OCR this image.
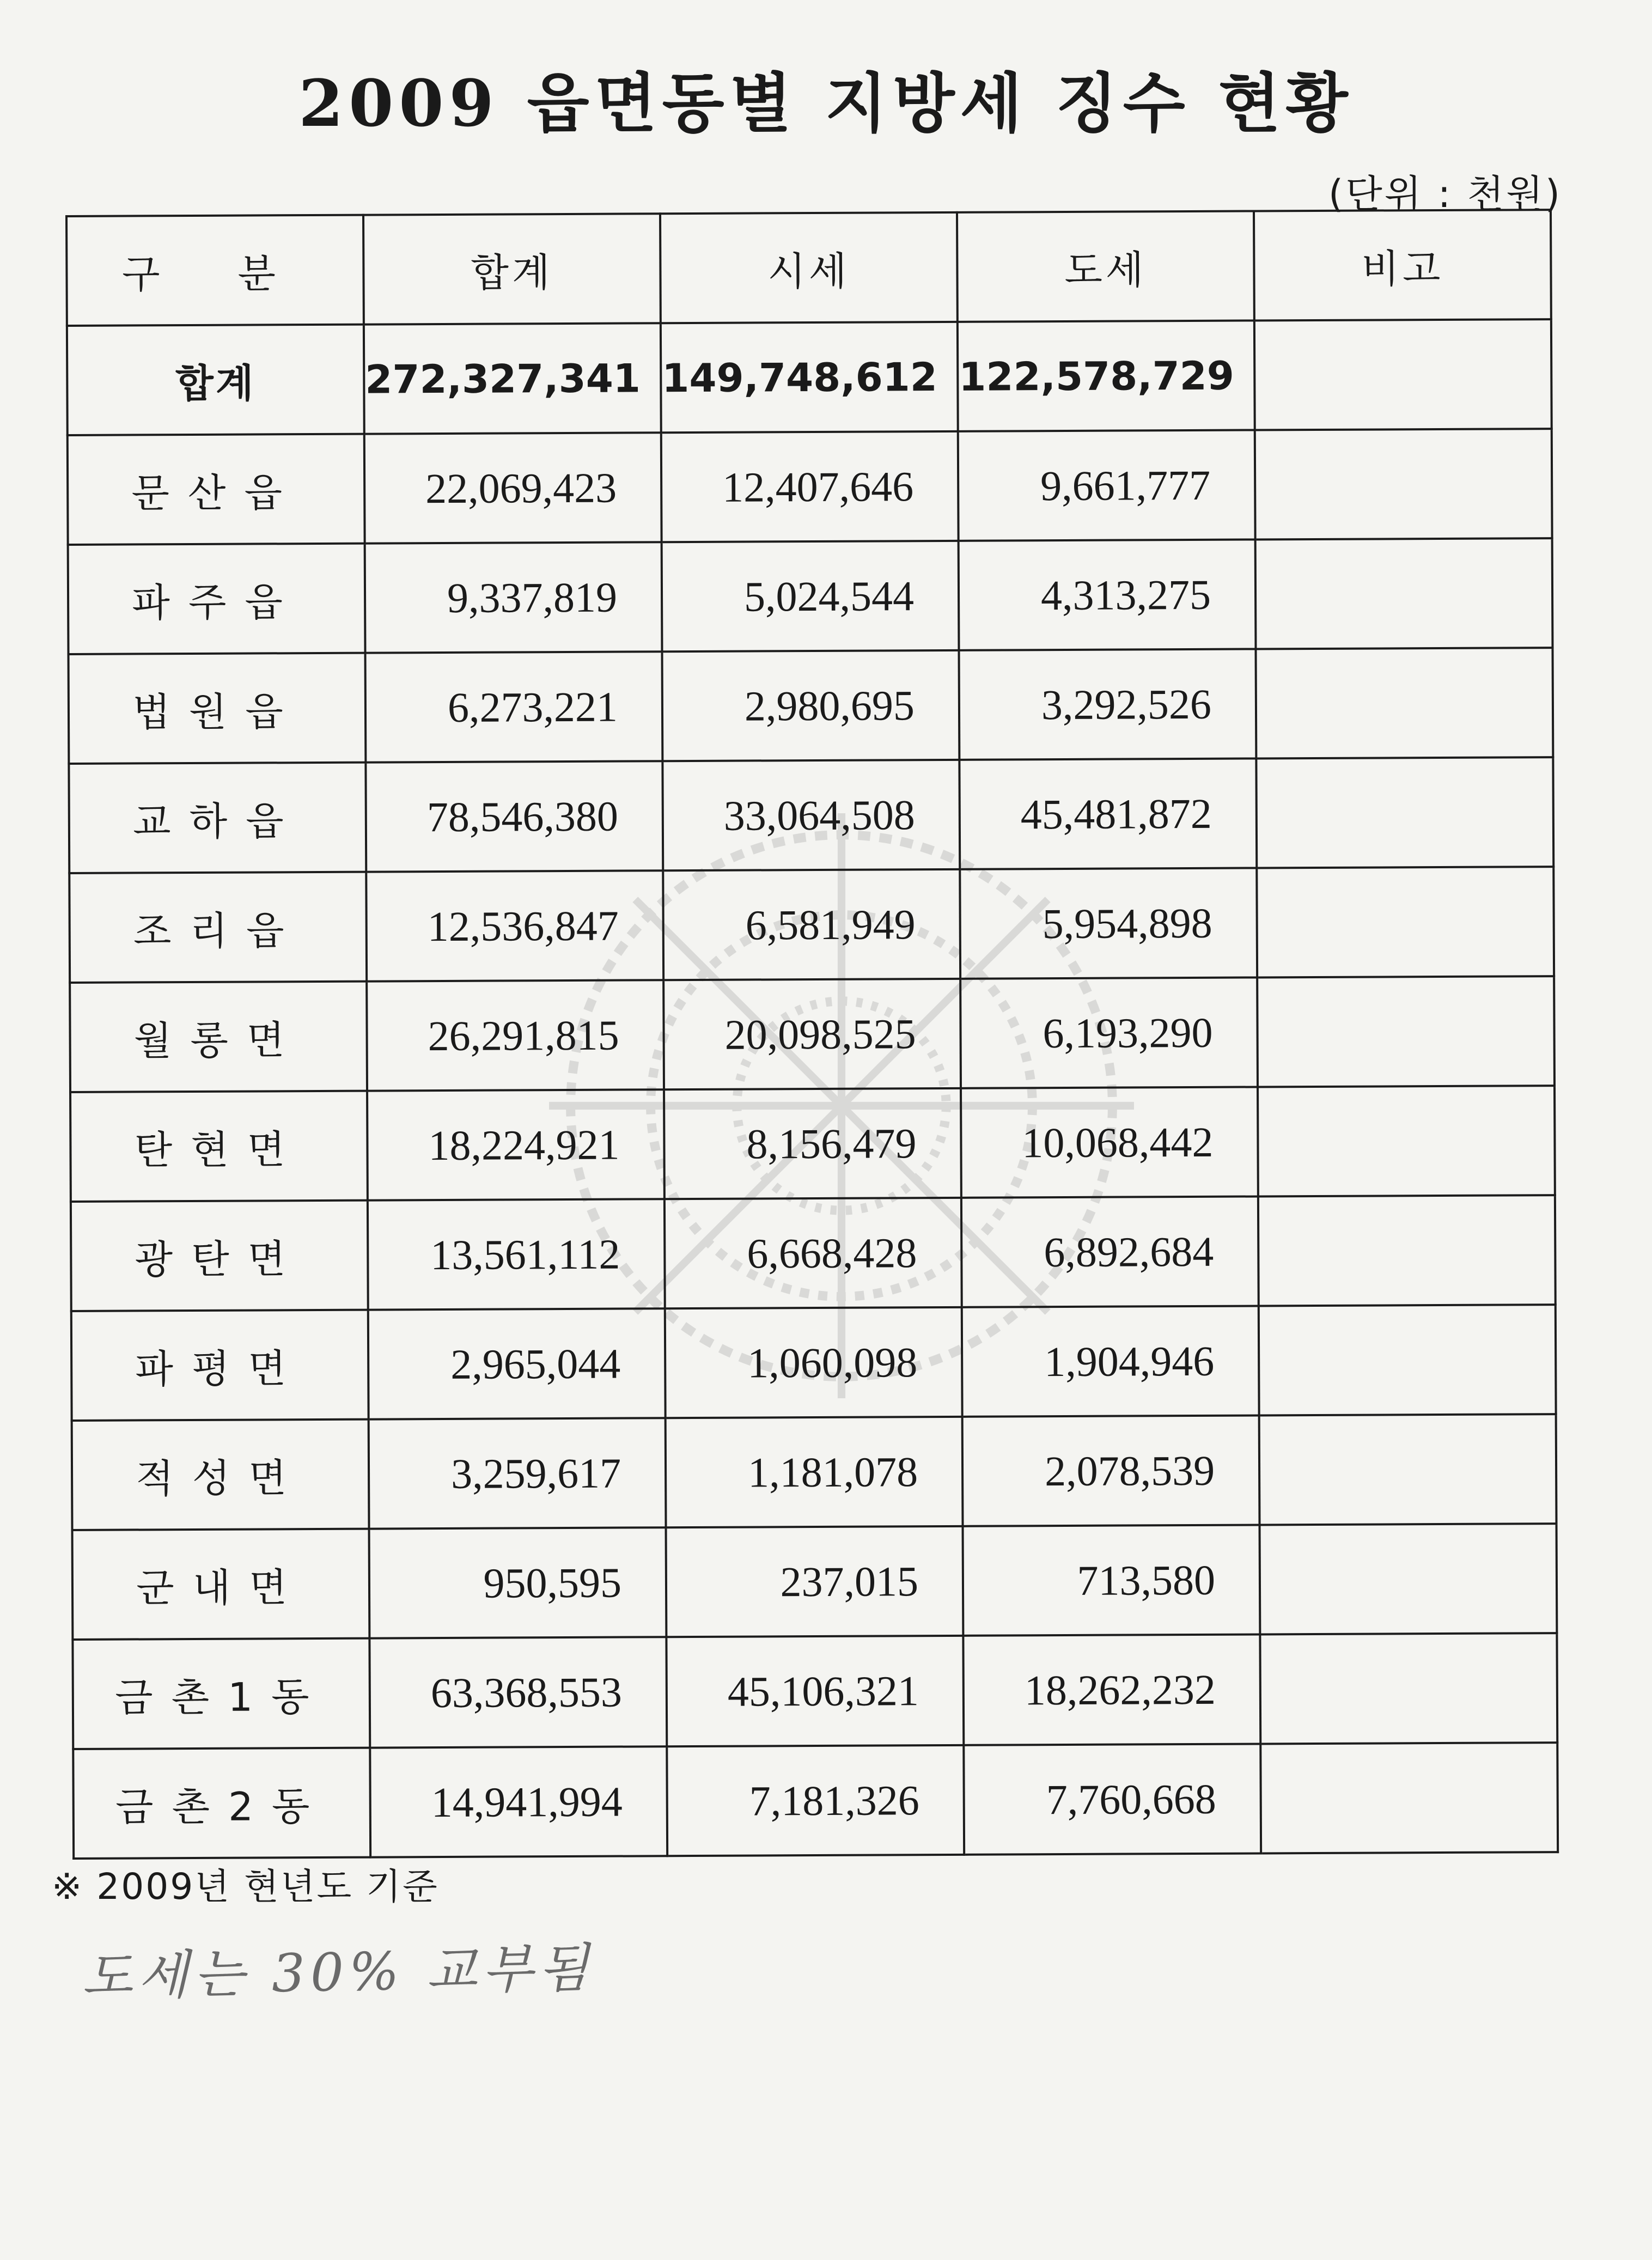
2009 읍면동별 지방세 징수 현황
(단위 : 천원)
구 분	합계	시세	도세	비고
합계	272,327,341	149,748,612	122,578,729	
문산읍	22,069,423	12,407,646	9,661,777	
파주읍	9,337,819	5,024,544	4,313,275	
법원읍	6,273,221	2,980,695	3,292,526	
교하읍	78,546,380	33,064,508	45,481,872	
조리읍	12,536,847	6,581,949	5,954,898	
월롱면	26,291,815	20,098,525	6,193,290	
탄현면	18,224,921	8,156,479	10,068,442	
광탄면	13,561,112	6,668,428	6,892,684	
파평면	2,965,044	1,060,098	1,904,946	
적성면	3,259,617	1,181,078	2,078,539	
군내면	950,595	237,015	713,580	
금촌1동	63,368,553	45,106,321	18,262,232	
금촌2동	14,941,994	7,181,326	7,760,668	
※ 2009년 현년도 기준
도세는 30% 교부됨
